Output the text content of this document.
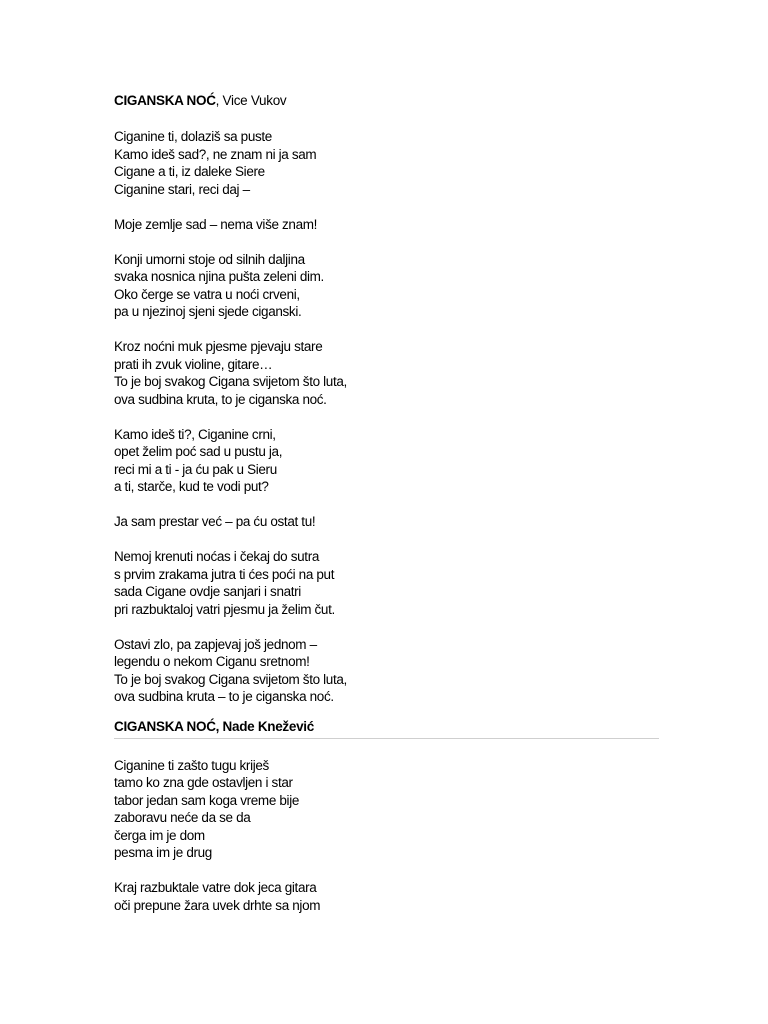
CIGANSKA NOĆ, Vice Vukov
Ciganine ti, dolaziš sa puste
Kamo ideš sad?, ne znam ni ja sam
Cigane a ti, iz daleke Siere
Ciganine stari, reci daj –
Moje zemlje sad – nema više znam!
Konji umorni stoje od silnih daljina
svaka nosnica njina pušta zeleni dim.
Oko čerge se vatra u noći crveni,
pa u njezinoj sjeni sjede ciganski.
Kroz noćni muk pjesme pjevaju stare
prati ih zvuk violine, gitare…
To je boj svakog Cigana svijetom što luta,
ova sudbina kruta, to je ciganska noć.
Kamo ideš ti?, Ciganine crni,
opet želim poć sad u pustu ja,
reci mi a ti - ja ću pak u Sieru
a ti, starče, kud te vodi put?
Ja sam prestar već – pa ću ostat tu!
Nemoj krenuti noćas i čekaj do sutra
s prvim zrakama jutra ti ćes poći na put
sada Cigane ovdje sanjari i snatri
pri razbuktaloj vatri pjesmu ja želim čut.
Ostavi zlo, pa zapjevaj još jednom –
legendu o nekom Ciganu sretnom!
To je boj svakog Cigana svijetom što luta,
ova sudbina kruta – to je ciganska noć.
CIGANSKA NOĆ, Nade Knežević
Ciganine ti zašto tugu kriješ
tamo ko zna gde ostavljen i star
tabor jedan sam koga vreme bije
zaboravu neće da se da
čerga im je dom
pesma im je drug
Kraj razbuktale vatre dok jeca gitara
oči prepune žara uvek drhte sa njom
